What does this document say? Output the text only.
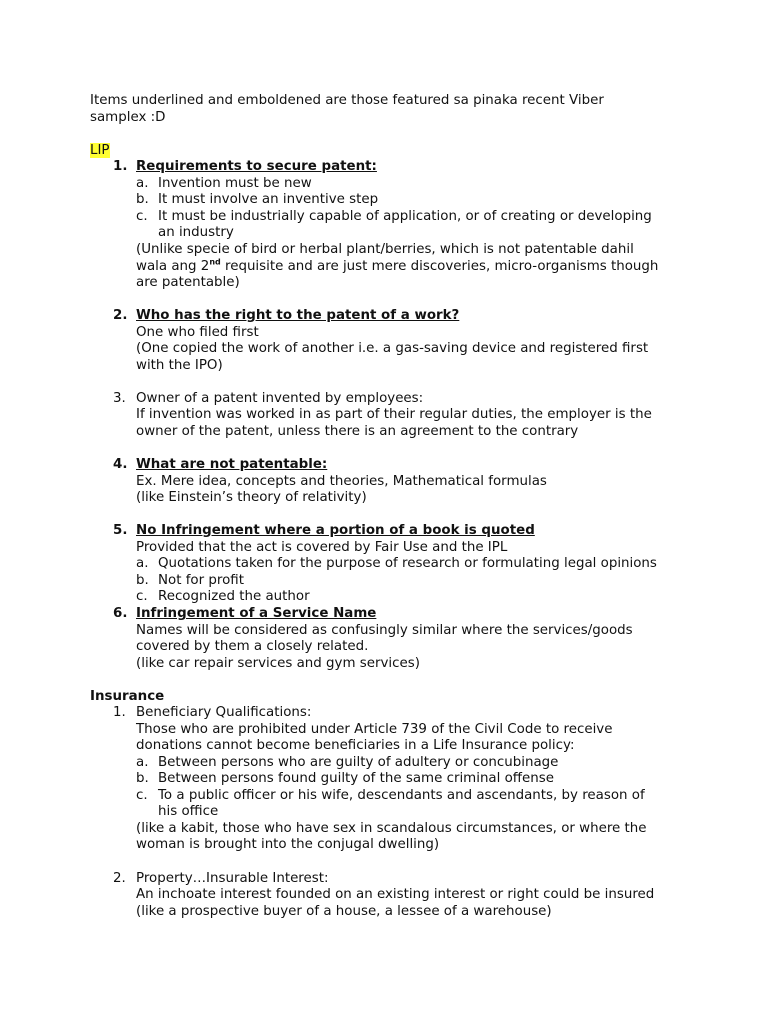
Items underlined and emboldened are those featured sa pinaka recent Viber

samplex :D

LIP

1. Requirements to secure patent:

a. Invention must be new

b. It must involve an inventive step

c. It must be industrially capable of application, or of creating or developing

an industry

(Unlike specie of bird or herbal plant/berries, which is not patentable dahil

wala ang 2nd requisite and are just mere discoveries, micro-organisms though

are patentable)

2. Who has the right to the patent of a work?

One who filed first

(One copied the work of another i.e. a gas-saving device and registered first

with the IPO)

3. Owner of a patent invented by employees:

If invention was worked in as part of their regular duties, the employer is the

owner of the patent, unless there is an agreement to the contrary

4. What are not patentable:

Ex. Mere idea, concepts and theories, Mathematical formulas

(like Einstein’s theory of relativity)

5. No Infringement where a portion of a book is quoted

Provided that the act is covered by Fair Use and the IPL

a. Quotations taken for the purpose of research or formulating legal opinions

b. Not for profit

c. Recognized the author

6. Infringement of a Service Name

Names will be considered as confusingly similar where the services/goods

covered by them a closely related.

(like car repair services and gym services)

Insurance

1. Beneficiary Qualifications:

Those who are prohibited under Article 739 of the Civil Code to receive

donations cannot become beneficiaries in a Life Insurance policy:

a. Between persons who are guilty of adultery or concubinage

b. Between persons found guilty of the same criminal offense

c. To a public officer or his wife, descendants and ascendants, by reason of

his office

(like a kabit, those who have sex in scandalous circumstances, or where the

woman is brought into the conjugal dwelling)

2. Property…Insurable Interest:

An inchoate interest founded on an existing interest or right could be insured

(like a prospective buyer of a house, a lessee of a warehouse)
